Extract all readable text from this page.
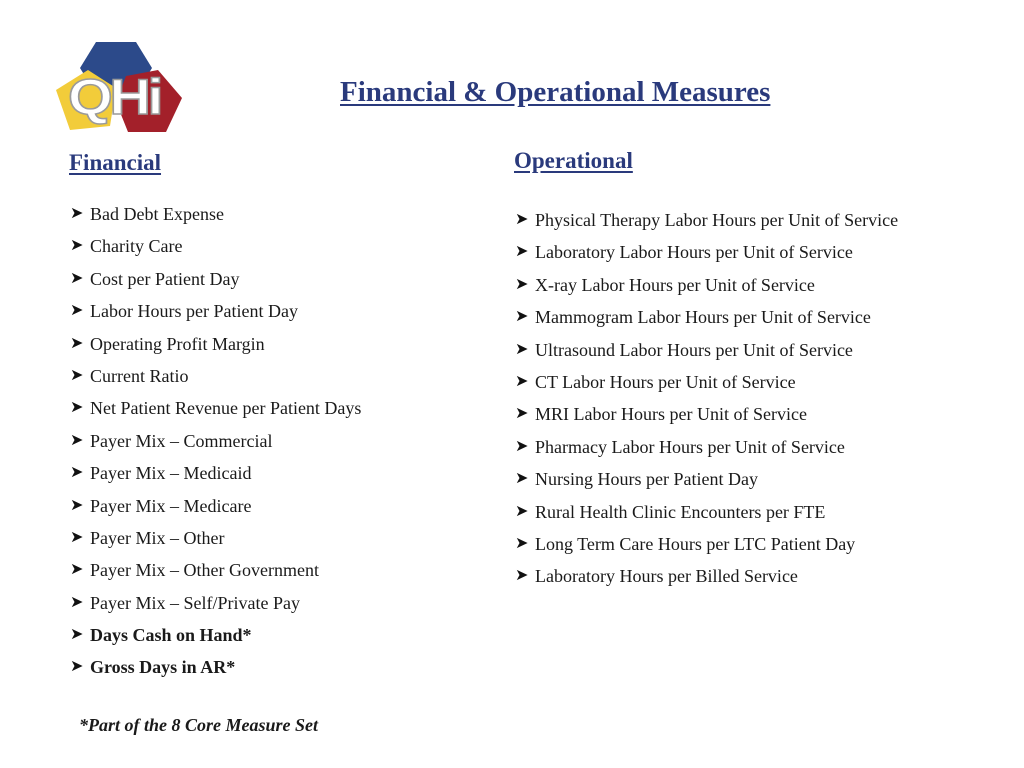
QHi	Financial & Operational Measures
Financial	Operational
➤ Bad Debt Expense
➤ Charity Care
➤ Cost per Patient Day
➤ Labor Hours per Patient Day
➤ Operating Profit Margin
➤ Current Ratio
➤ Net Patient Revenue per Patient Days
➤ Payer Mix – Commercial
➤ Payer Mix – Medicaid
➤ Payer Mix – Medicare
➤ Payer Mix – Other
➤ Payer Mix – Other Government
➤ Payer Mix – Self/Private Pay
➤ Days Cash on Hand*
➤ Gross Days in AR*
➤ Physical Therapy Labor Hours per Unit of Service
➤ Laboratory Labor Hours per Unit of Service
➤ X-ray Labor Hours per Unit of Service
➤ Mammogram Labor Hours per Unit of Service
➤ Ultrasound Labor Hours per Unit of Service
➤ CT Labor Hours per Unit of Service
➤ MRI Labor Hours per Unit of Service
➤ Pharmacy Labor Hours per Unit of Service
➤ Nursing Hours per Patient Day
➤ Rural Health Clinic Encounters per FTE
➤ Long Term Care Hours per LTC Patient Day
➤ Laboratory Hours per Billed Service
*Part of the 8 Core Measure Set
